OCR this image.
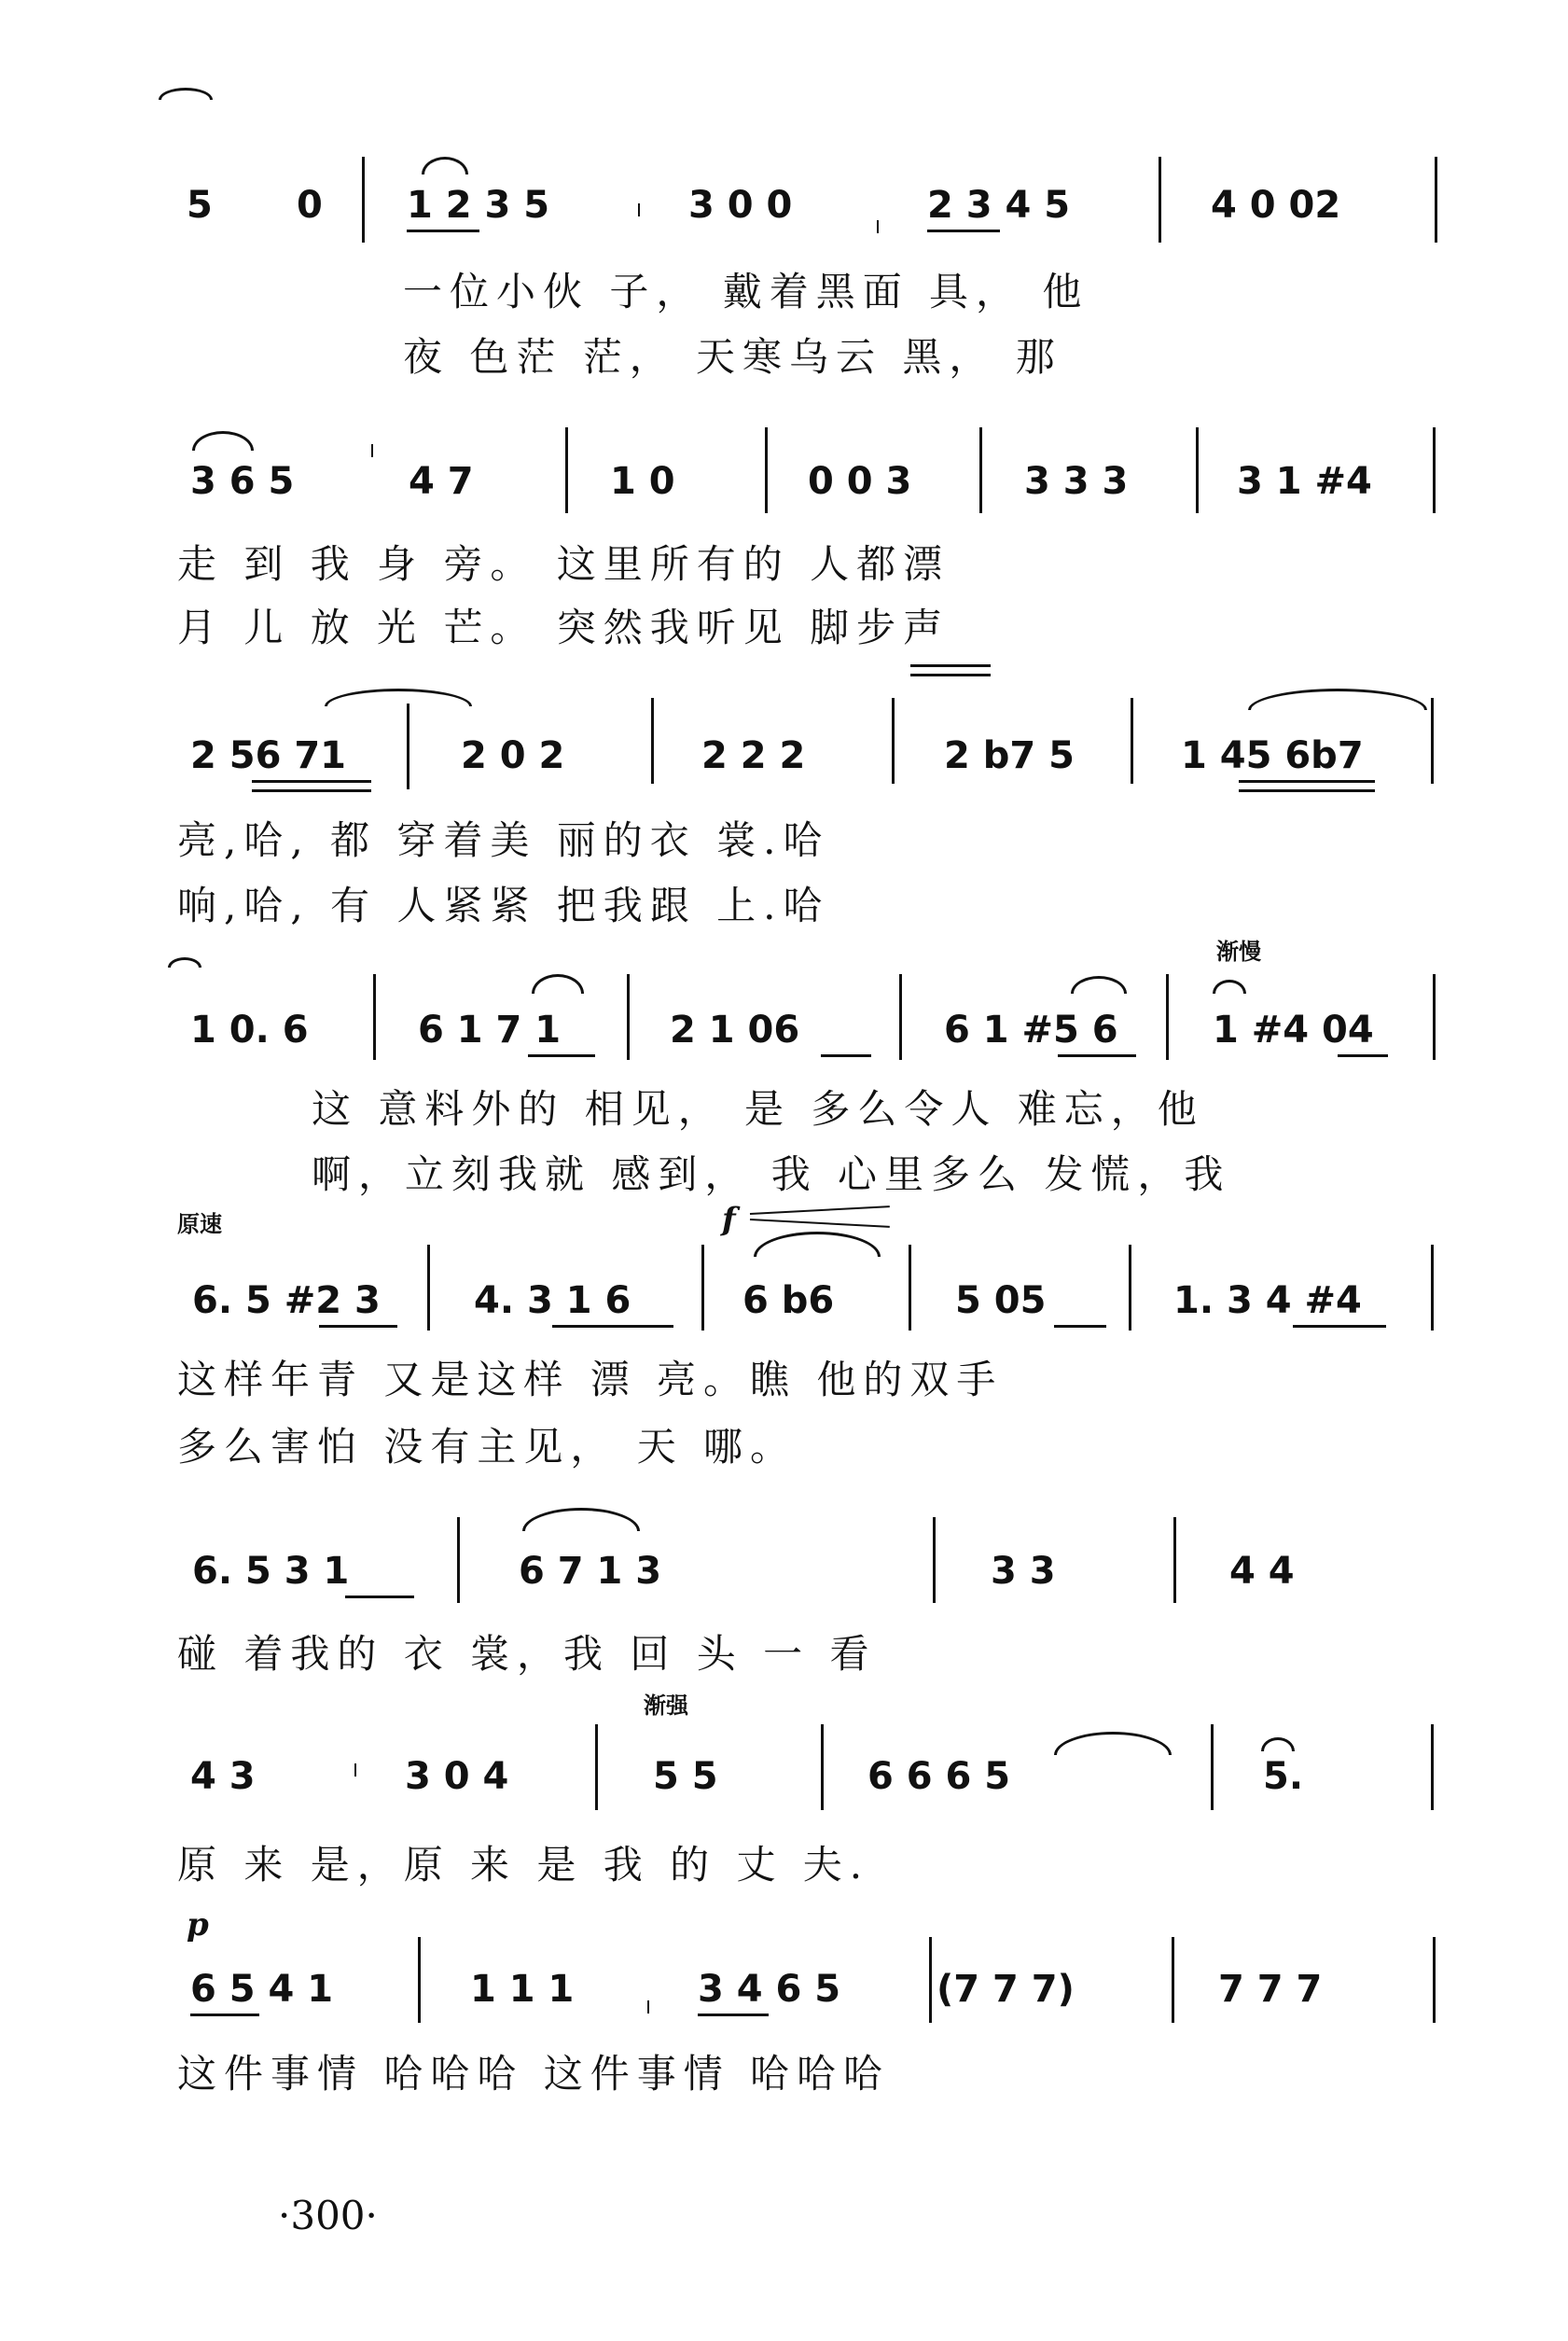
5 0 1 2 3 5	3 0 0	2 3 4 5	4 0 02
一位小伙 子， 戴着黑面 具， 他
夜 色茫 茫， 天寒乌云 黑， 那
3 6 5	4 7	1 0	0 0 3	3 3 3	3 1 #4
走 到 我 身 旁。 这里所有的 人都漂
月 儿 放 光 芒。 突然我听见 脚步声
2 56 71	2 0 2	2 2 2	2 b7 5	1 45 6b7
亮,哈, 都 穿着美 丽的衣 裳.哈
响,哈, 有 人紧紧 把我跟 上.哈
渐慢
1 0. 6	6 1 7 1	2 1 06	6 1 #5 6	1 #4 04
这 意料外的 相见， 是 多么令人 难忘，他
啊，立刻我就 感到， 我 心里多么 发慌，我
原速	f
6. 5 #2 3	4. 3 1 6	6 b6	5 05	1. 3 4 #4
这样年青 又是这样 漂 亮。瞧 他的双手
多么害怕 没有主见， 天 哪。
6. 5 3 1	6 7 1 3	3 3	4 4
碰 着我的 衣 裳，我 回 头 一 看
渐强
4 3	3 0 4	5 5	6 6 6 5	5.
原 来 是，原 来 是 我 的 丈 夫.
p
6 5 4 1	1 1 1	3 4 6 5	(7 7 7)	7 7 7
这件事情 哈哈哈 这件事情 哈哈哈
·300·
